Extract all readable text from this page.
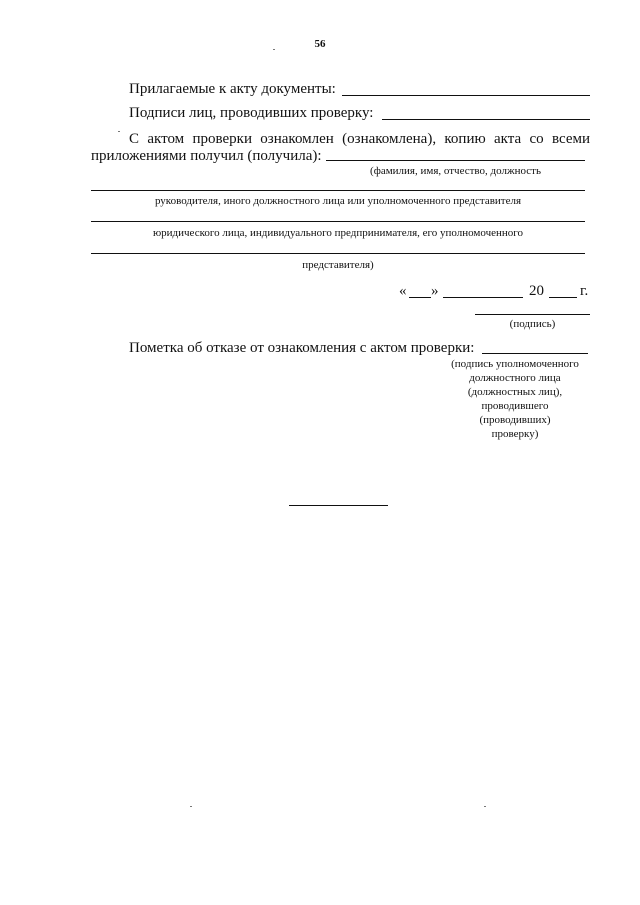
56
Прилагаемые к акту документы:
Подписи лиц, проводивших проверку:
С актом проверки ознакомлен (ознакомлена), копию акта со всеми
приложениями получил (получила):
(фамилия, имя, отчество, должность
руководителя, иного должностного лица или уполномоченного представителя
юридического лица, индивидуального предпринимателя, его уполномоченного
представителя)
« »	20 г.
(подпись)
Пометка об отказе от ознакомления с актом проверки:
(подпись уполномоченного
должностного лица
(должностных лиц),
проводившего
(проводивших)
проверку)
